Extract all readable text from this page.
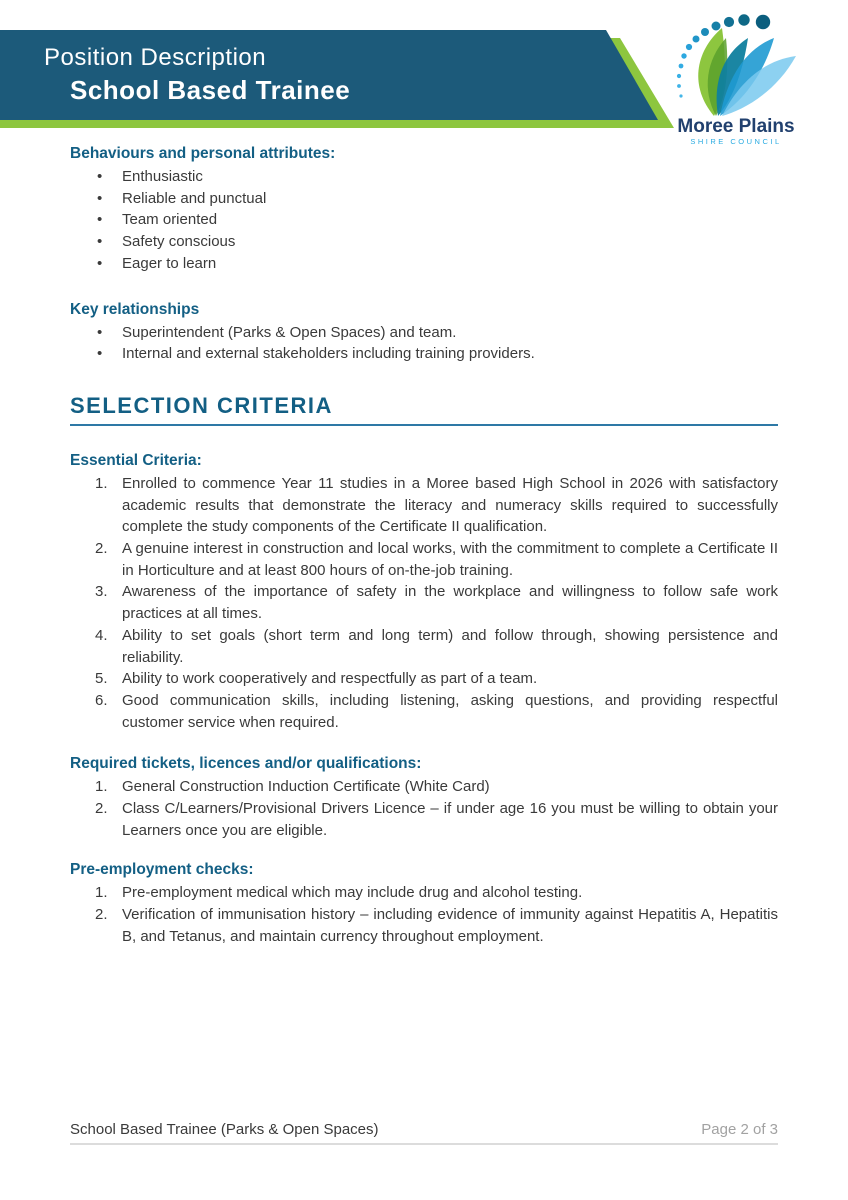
Position Description
School Based Trainee
Moree Plains
SHIRE COUNCIL
Behaviours and personal attributes:
• Enthusiastic
• Reliable and punctual
• Team oriented
• Safety conscious
• Eager to learn
Key relationships
• Superintendent (Parks & Open Spaces) and team.
• Internal and external stakeholders including training providers.
SELECTION CRITERIA
Essential Criteria:
Enrolled to commence Year 11 studies in a Moree based High School in 2026 with satisfactory academic results that demonstrate the literacy and numeracy skills required to successfully complete the study components of the Certificate II qualification.
A genuine interest in construction and local works, with the commitment to complete a Certificate II in Horticulture and at least 800 hours of on-the-job training.
Awareness of the importance of safety in the workplace and willingness to follow safe work practices at all times.
Ability to set goals (short term and long term) and follow through, showing persistence and reliability.
Ability to work cooperatively and respectfully as part of a team.
Good communication skills, including listening, asking questions, and providing respectful customer service when required.
Required tickets, licences and/or qualifications:
General Construction Induction Certificate (White Card)
Class C/Learners/Provisional Drivers Licence – if under age 16 you must be willing to obtain your Learners once you are eligible.
Pre-employment checks:
Pre-employment medical which may include drug and alcohol testing.
Verification of immunisation history – including evidence of immunity against Hepatitis A, Hepatitis B, and Tetanus, and maintain currency throughout employment.
School Based Trainee (Parks & Open Spaces)	Page 2 of 3
